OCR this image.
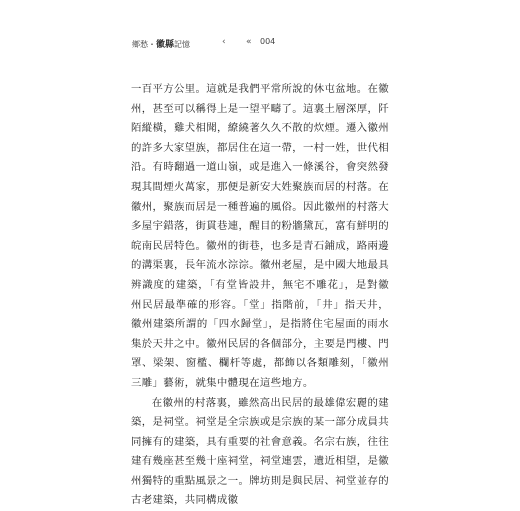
鄉愁・徽縣記憶	‹ « 004

一百平方公里。這就是我們平常所說的休屯盆地。在徽州，甚至可以稱得上是一望平疇了。這裏土層深厚，阡陌縱橫，雞犬相聞，繚繞著久久不散的炊煙。遷入徽州的許多大家望族，都居住在這一帶，一村一姓，世代相沿。有時翻過一道山嶺，或是進入一條溪谷，會突然發現其間煙火萬家，那便是新安大姓聚族而居的村落。在徽州，聚族而居是一種普遍的風俗。因此徽州的村落大多屋宇錯落，街貫巷連，醒目的粉牆黛瓦，富有鮮明的皖南民居特色。徽州的街巷，也多是青石鋪成，路兩邊的溝渠裏，長年流水淙淙。徽州老屋，是中國大地最具辨識度的建築，「有堂皆設井，無宅不雕花」，是對徽州民居最準確的形容。「堂」指階前，「井」指天井，徽州建築所謂的「四水歸堂」，是指將住宅屋面的雨水集於天井之中。徽州民居的各個部分，主要是門樓、門罩、梁架、窗檻、欄杆等處，都飾以各類雕刻，「徽州三雕」藝術，就集中體現在這些地方。

在徽州的村落裏，雖然高出民居的最雄偉宏麗的建築，是祠堂。祠堂是全宗族或是宗族的某一部分成員共同擁有的建築，具有重要的社會意義。名宗右族，往往建有幾座甚至幾十座祠堂，祠堂連雲，遺近相望，是徽州獨特的重點風景之一。牌坊則是與民居、祠堂並存的古老建築，共同構成徽
